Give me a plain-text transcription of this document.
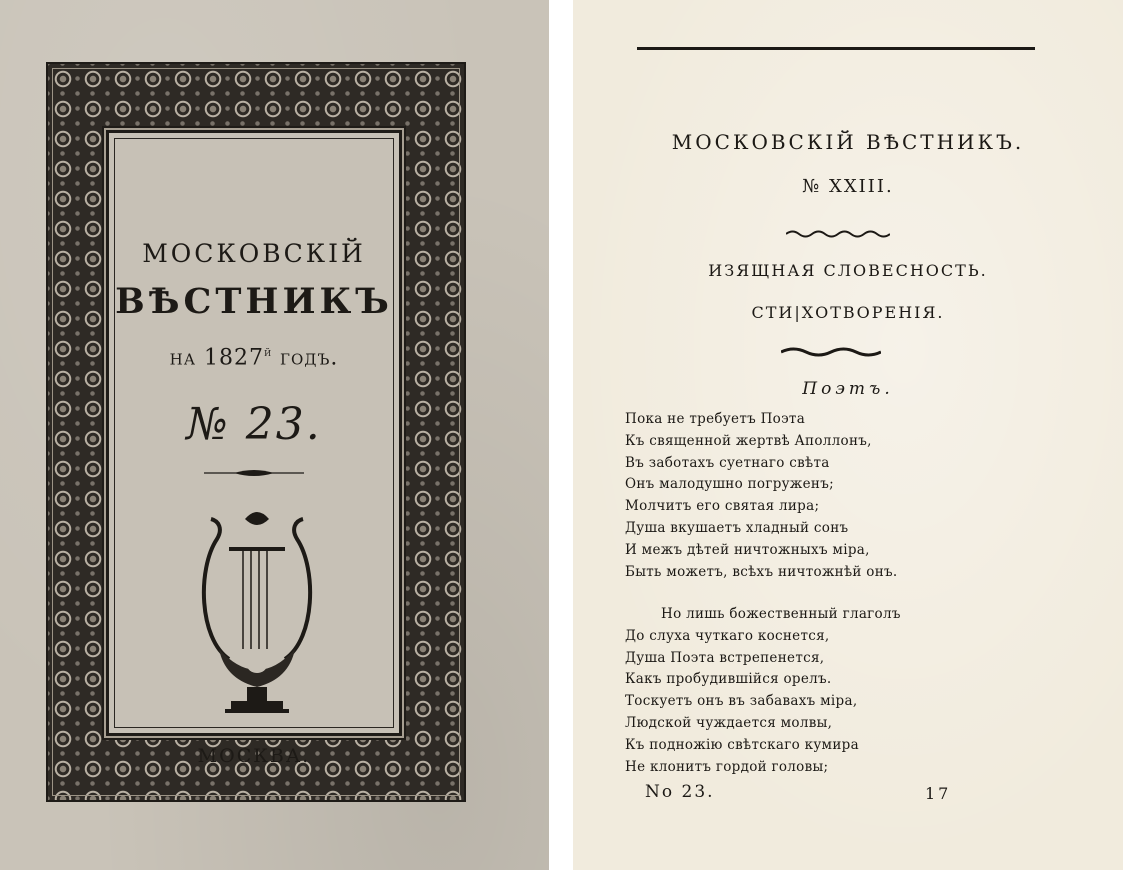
МОСКОВСКІЙ

ВѢСТНИКЪ

на $1827^й$ годъ.

№ 23.

МОСКВА.

МОСКОВСКІЙ ВѢСТНИКЪ.

№ XXIII.

ИЗЯЩНАЯ СЛОВЕСНОСТЬ.

СТИ|ХОТВОРЕНІЯ.

Поэтъ.

Пока не требуетъ Поэта
Къ священной жертвѣ Аполлонъ,
Въ заботахъ суетнаго свѣта
Онъ малодушно погруженъ;
Молчитъ его святая лира;
Душа вкушаетъ хладный сонъ
И межъ дѣтей ничтожныхъ міра,
Быть можетъ, всѣхъ ничтожнѣй онъ.
Но лишь божественный глаголъ
До слуха чуткаго коснется,
Душа Поэта встрепенется,
Какъ пробудившійся орелъ.
Тоскуетъ онъ въ забавахъ міра,
Людской чуждается молвы,
Къ подножію свѣтскаго кумира
Не клонитъ гордой головы;

No 23.	17
